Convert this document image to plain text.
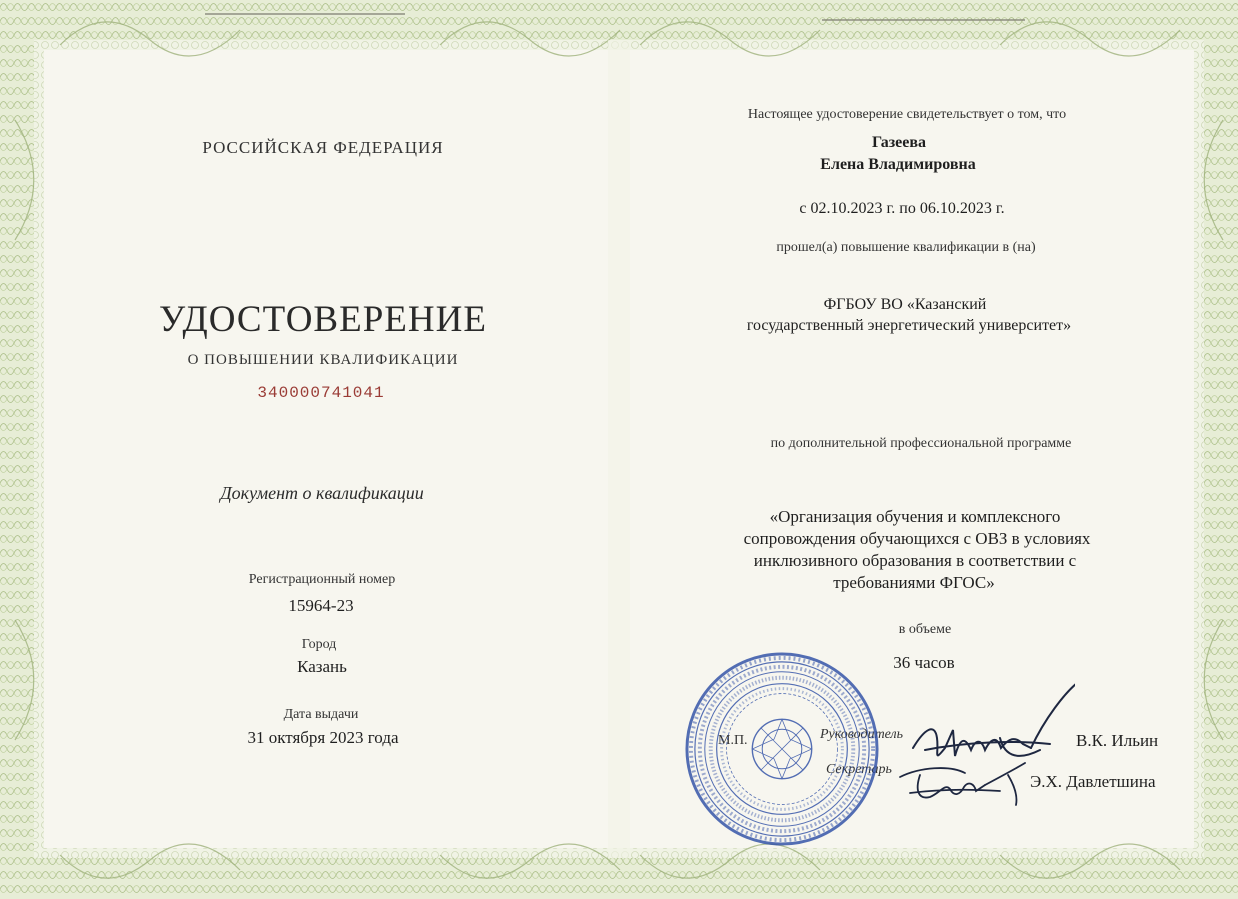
РОССИЙСКАЯ ФЕДЕРАЦИЯ
УДОСТОВЕРЕНИЕ
О ПОВЫШЕНИИ КВАЛИФИКАЦИИ
340000741041
Документ о квалификации
Регистрационный номер
15964-23
Город
Казань
Дата выдачи
31 октября 2023 года
Настоящее удостоверение свидетельствует о том, что
Газеева
Елена Владимировна
с 02.10.2023 г. по 06.10.2023 г.
прошел(а) повышение квалификации в (на)
ФГБОУ ВО «Казанский
государственный энергетический университет»
по дополнительной профессиональной программе
«Организация обучения и комплексного
сопровождения обучающихся с ОВЗ в условиях
инклюзивного образования в соответствии с
требованиями ФГОС»
в объеме
36 часов
М.П.	Руководитель	В.К. Ильин
Секретарь
Э.Х. Давлетшина
